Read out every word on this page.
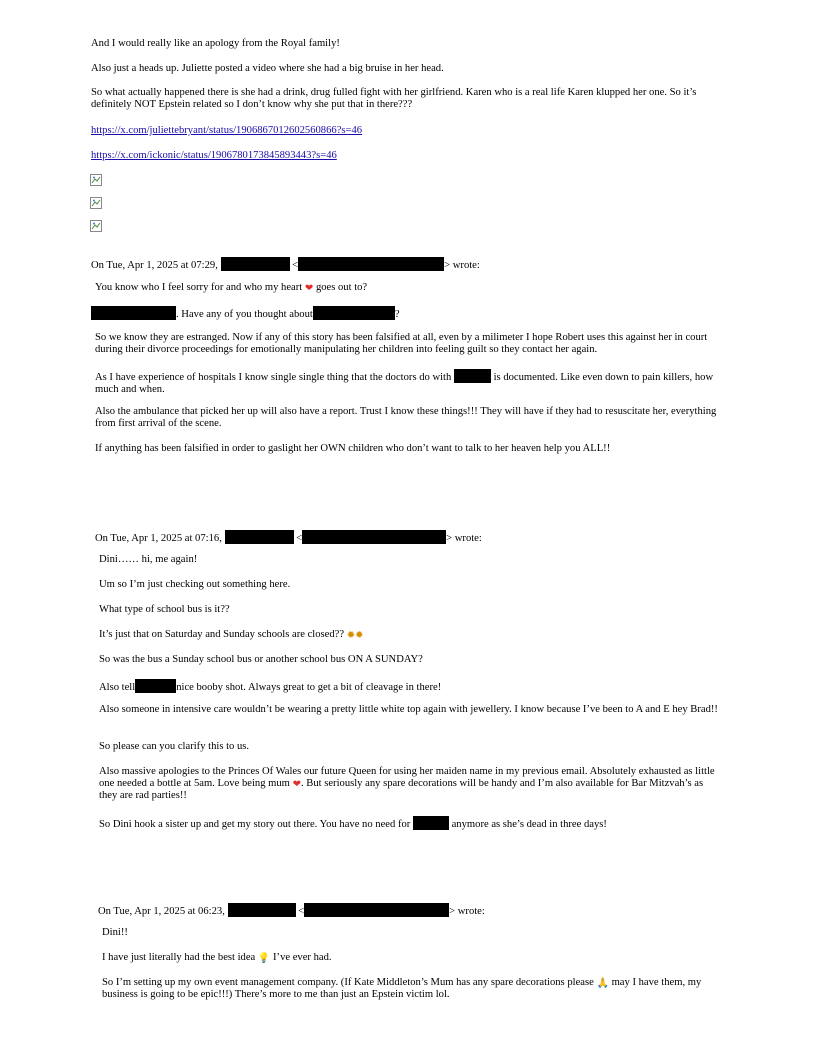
And I would really like an apology from the Royal family!

Also just a heads up. Juliette posted a video where she had a big bruise in her head.

So what actually happened there is she had a drink, drug fulled fight with her girlfriend. Karen who is a real life Karen klupped her one. So it’s definitely NOT Epstein related so I don’t know why she put that in there???

https://x.com/juliettebryant/status/1906867012602560866?s=46

https://x.com/ickonic/status/1906780173845893443?s=46

On Tue, Apr 1, 2025 at 07:29,	<	> wrote:

You know who I feel sorry for and who my heart ❤ goes out to?

. Have any of you thought about	?

So we know they are estranged. Now if any of this story has been falsified at all, even by a milimeter I hope Robert uses this against her in court during their divorce proceedings for emotionally manipulating her children into feeling guilt so they contact her again.

As I have experience of hospitals I know single single thing that the doctors do with	is documented. Like even down to pain killers, how much and when.

Also the ambulance that picked her up will also have a report. Trust I know these things!!! They will have if they had to resuscitate her, everything from first arrival of the scene.

If anything has been falsified in order to gaslight her OWN children who don’t want to talk to her heaven help you ALL!!

On Tue, Apr 1, 2025 at 07:16,	<	> wrote:

Dini…… hi, me again!

Um so I’m just checking out something here.

What type of school bus is it??

It’s just that on Saturday and Sunday schools are closed?? ✹✹

So was the bus a Sunday school bus or another school bus ON A SUNDAY?

Also tell	nice booby shot. Always great to get a bit of cleavage in there!

Also someone in intensive care wouldn’t be wearing a pretty little white top again with jewellery. I know because I’ve been to A and E hey Brad!!

So please can you clarify this to us.

Also massive apologies to the Princes Of Wales our future Queen for using her maiden name in my previous email. Absolutely exhausted as little one needed a bottle at 5am. Love being mum ❤. But seriously any spare decorations will be handy and I’m also available for Bar Mitzvah’s as they are rad parties!!

So Dini hook a sister up and get my story out there. You have no need for	anymore as she’s dead in three days!

On Tue, Apr 1, 2025 at 06:23,	<	> wrote:

Dini!!

I have just literally had the best idea 💡 I’ve ever had.

So I’m setting up my own event management company. (If Kate Middleton’s Mum has any spare decorations please 🙏 may I have them, my business is going to be epic!!!) There’s more to me than just an Epstein victim lol.
